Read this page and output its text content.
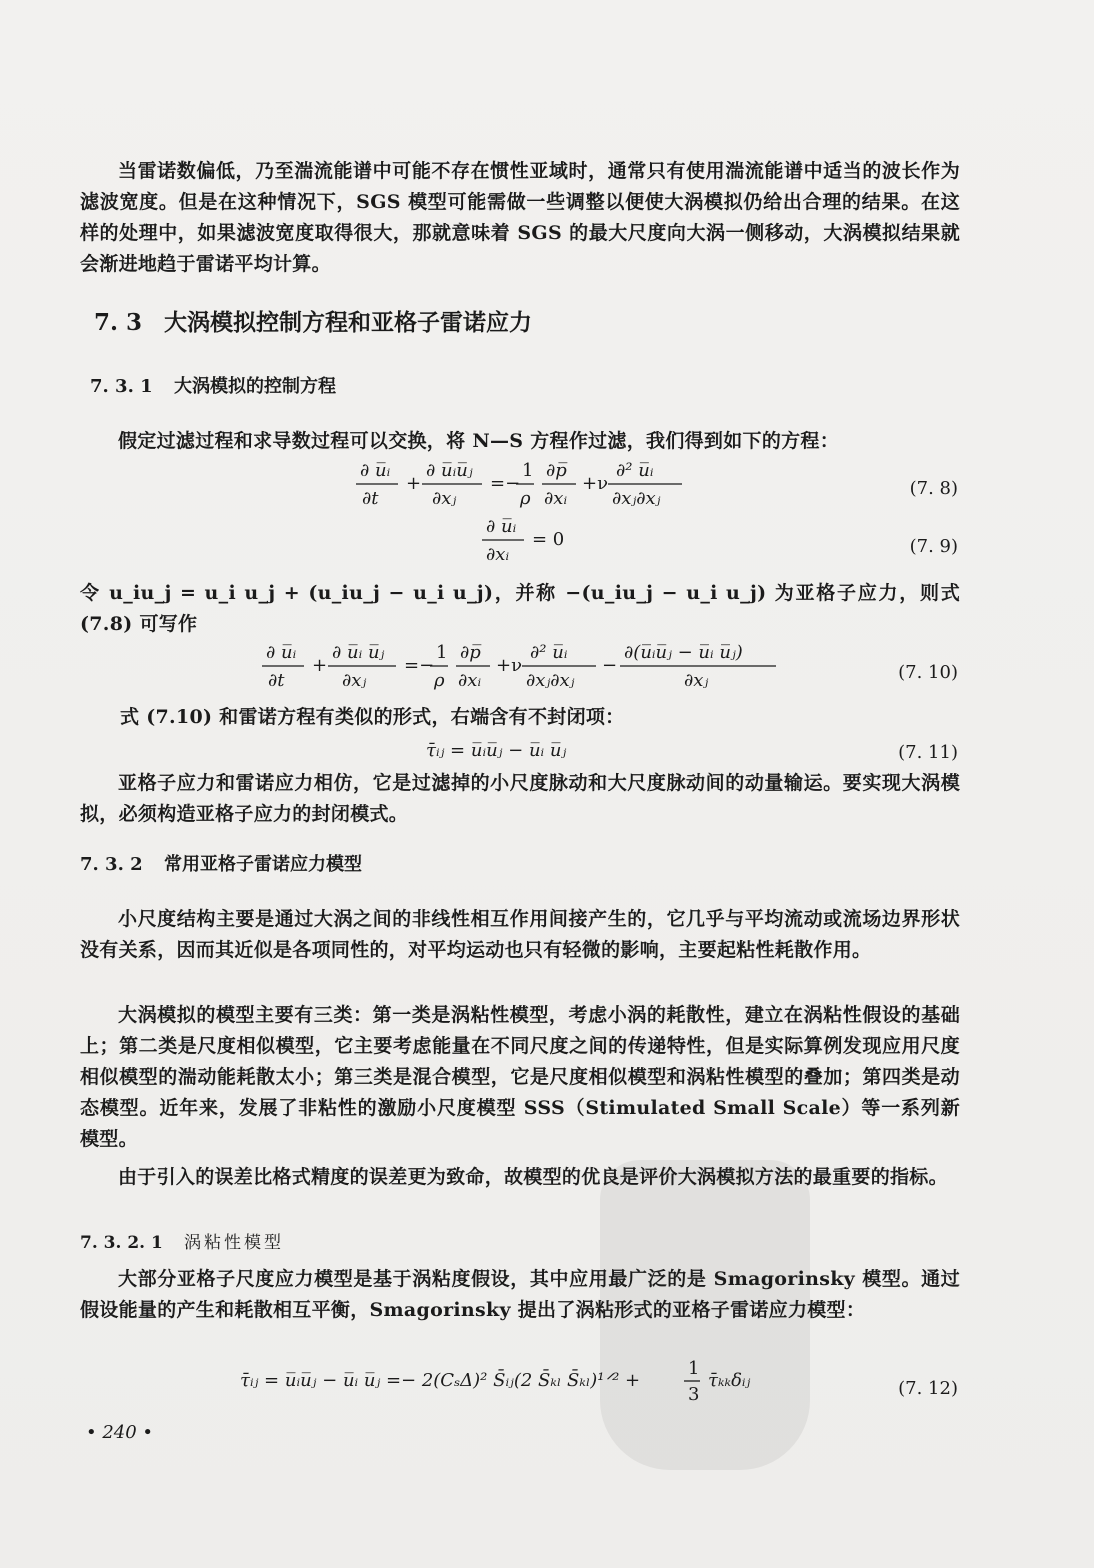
当雷诺数偏低，乃至湍流能谱中可能不存在惯性亚域时，通常只有使用湍流能谱中适当的波长作为滤波宽度。但是在这种情况下，SGS 模型可能需做一些调整以便使大涡模拟仍给出合理的结果。在这样的处理中，如果滤波宽度取得很大，那就意味着 SGS 的最大尺度向大涡一侧移动，大涡模拟结果就会渐进地趋于雷诺平均计算。
7. 3 大涡模拟控制方程和亚格子雷诺应力
7. 3. 1 大涡模拟的控制方程
假定过滤过程和求导数过程可以交换，将 N—S 方程作过滤，我们得到如下的方程：
∂ u̅ᵢ
∂t
+
∂ u̅ᵢu̅ⱼ
∂xⱼ
=−
1
ρ
∂p̅
∂xᵢ
+ν
∂² u̅ᵢ
∂xⱼ∂xⱼ	(7. 8)
∂ u̅ᵢ
∂xᵢ
= 0	(7. 9)
令 u_iu_j = u_i u_j + (u_iu_j − u_i u_j)，并称 −(u_iu_j − u_i u_j) 为亚格子应力，则式 (7.8) 可写作
∂ u̅ᵢ
∂t
+
∂ u̅ᵢ u̅ⱼ
∂xⱼ
=−
1
ρ
∂p̅
∂xᵢ
+ν
∂² u̅ᵢ
∂xⱼ∂xⱼ
−
∂(u̅ᵢu̅ⱼ − u̅ᵢ u̅ⱼ)
∂xⱼ	(7. 10)
式 (7.10) 和雷诺方程有类似的形式，右端含有不封闭项：
τ̄ᵢⱼ = u̅ᵢu̅ⱼ − u̅ᵢ u̅ⱼ	(7. 11)
亚格子应力和雷诺应力相仿，它是过滤掉的小尺度脉动和大尺度脉动间的动量输运。要实现大涡模拟，必须构造亚格子应力的封闭模式。
7. 3. 2 常用亚格子雷诺应力模型
小尺度结构主要是通过大涡之间的非线性相互作用间接产生的，它几乎与平均流动或流场边界形状没有关系，因而其近似是各项同性的，对平均运动也只有轻微的影响，主要起粘性耗散作用。
大涡模拟的模型主要有三类：第一类是涡粘性模型，考虑小涡的耗散性，建立在涡粘性假设的基础上；第二类是尺度相似模型，它主要考虑能量在不同尺度之间的传递特性，但是实际算例发现应用尺度相似模型的湍动能耗散太小；第三类是混合模型，它是尺度相似模型和涡粘性模型的叠加；第四类是动态模型。近年来，发展了非粘性的激励小尺度模型 SSS（Stimulated Small Scale）等一系列新模型。
由于引入的误差比格式精度的误差更为致命，故模型的优良是评价大涡模拟方法的最重要的指标。
7. 3. 2. 1 涡粘性模型
大部分亚格子尺度应力模型是基于涡粘度假设，其中应用最广泛的是 Smagorinsky 模型。通过假设能量的产生和耗散相互平衡，Smagorinsky 提出了涡粘形式的亚格子雷诺应力模型：
τ̄ᵢⱼ = u̅ᵢu̅ⱼ − u̅ᵢ u̅ⱼ =− 2(CₛΔ)² S̄ᵢⱼ(2 S̄ₖₗ S̄ₖₗ)¹ᐟ² +
1
3
τ̄ₖₖδᵢⱼ	(7. 12)
• 240 •
